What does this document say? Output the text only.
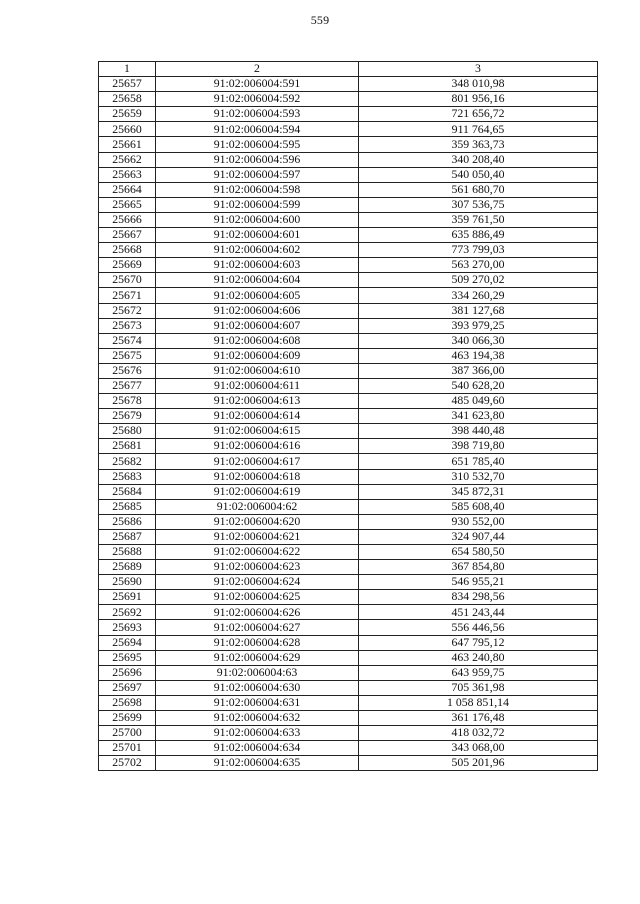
559
1	2	3
25657	91:02:006004:591	348 010,98
25658	91:02:006004:592	801 956,16
25659	91:02:006004:593	721 656,72
25660	91:02:006004:594	911 764,65
25661	91:02:006004:595	359 363,73
25662	91:02:006004:596	340 208,40
25663	91:02:006004:597	540 050,40
25664	91:02:006004:598	561 680,70
25665	91:02:006004:599	307 536,75
25666	91:02:006004:600	359 761,50
25667	91:02:006004:601	635 886,49
25668	91:02:006004:602	773 799,03
25669	91:02:006004:603	563 270,00
25670	91:02:006004:604	509 270,02
25671	91:02:006004:605	334 260,29
25672	91:02:006004:606	381 127,68
25673	91:02:006004:607	393 979,25
25674	91:02:006004:608	340 066,30
25675	91:02:006004:609	463 194,38
25676	91:02:006004:610	387 366,00
25677	91:02:006004:611	540 628,20
25678	91:02:006004:613	485 049,60
25679	91:02:006004:614	341 623,80
25680	91:02:006004:615	398 440,48
25681	91:02:006004:616	398 719,80
25682	91:02:006004:617	651 785,40
25683	91:02:006004:618	310 532,70
25684	91:02:006004:619	345 872,31
25685	91:02:006004:62	585 608,40
25686	91:02:006004:620	930 552,00
25687	91:02:006004:621	324 907,44
25688	91:02:006004:622	654 580,50
25689	91:02:006004:623	367 854,80
25690	91:02:006004:624	546 955,21
25691	91:02:006004:625	834 298,56
25692	91:02:006004:626	451 243,44
25693	91:02:006004:627	556 446,56
25694	91:02:006004:628	647 795,12
25695	91:02:006004:629	463 240,80
25696	91:02:006004:63	643 959,75
25697	91:02:006004:630	705 361,98
25698	91:02:006004:631	1 058 851,14
25699	91:02:006004:632	361 176,48
25700	91:02:006004:633	418 032,72
25701	91:02:006004:634	343 068,00
25702	91:02:006004:635	505 201,96
